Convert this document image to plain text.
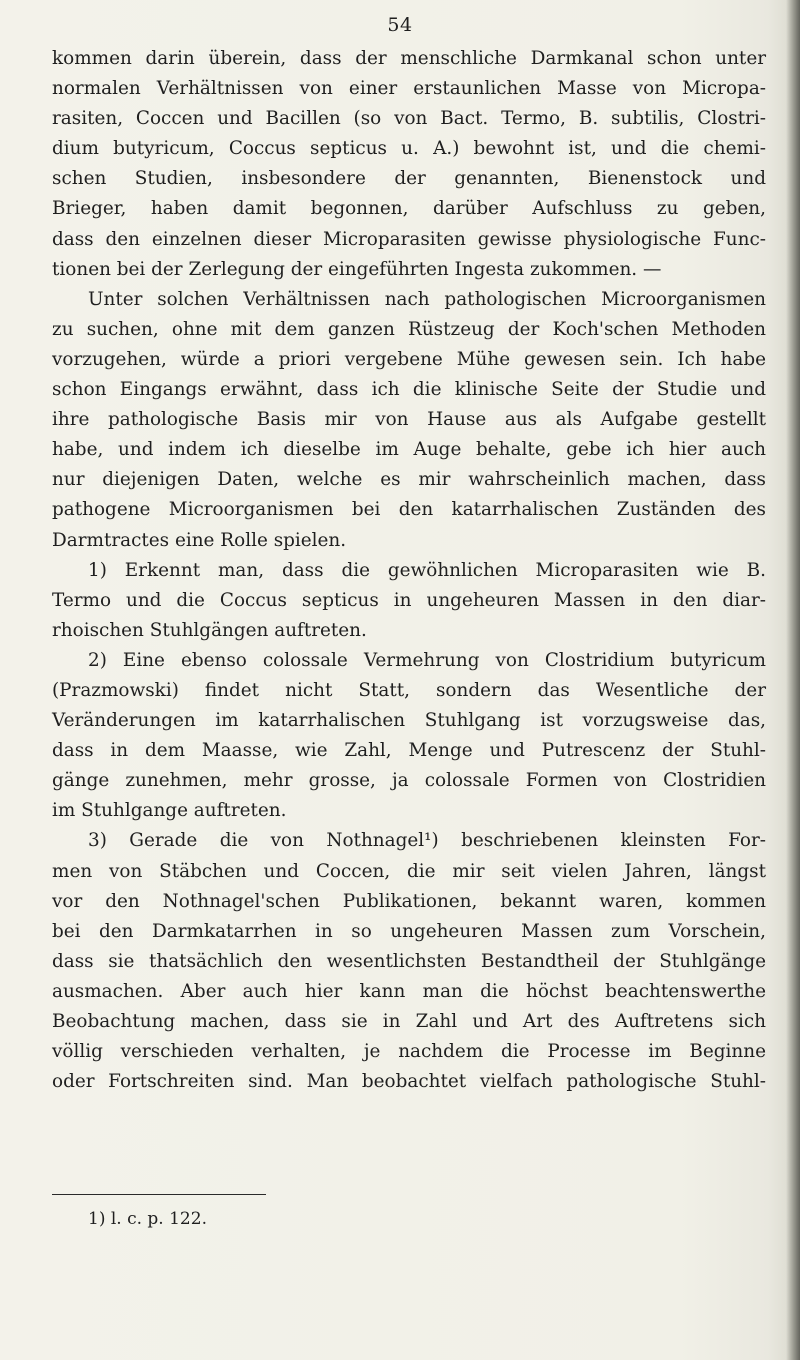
54
kommen darin überein, dass der menschliche Darmkanal schon unter
normalen Verhältnissen von einer erstaunlichen Masse von Micropa-
rasiten, Coccen und Bacillen (so von Bact. Termo, B. subtilis, Clostri-
dium butyricum, Coccus septicus u. A.) bewohnt ist, und die chemi-
schen Studien, insbesondere der genannten, Bienenstock und
Brieger, haben damit begonnen, darüber Aufschluss zu geben,
dass den einzelnen dieser Microparasiten gewisse physiologische Func-
tionen bei der Zerlegung der eingeführten Ingesta zukommen. —
Unter solchen Verhältnissen nach pathologischen Microorganismen
zu suchen, ohne mit dem ganzen Rüstzeug der Koch'schen Methoden
vorzugehen, würde a priori vergebene Mühe gewesen sein. Ich habe
schon Eingangs erwähnt, dass ich die klinische Seite der Studie und
ihre pathologische Basis mir von Hause aus als Aufgabe gestellt
habe, und indem ich dieselbe im Auge behalte, gebe ich hier auch
nur diejenigen Daten, welche es mir wahrscheinlich machen, dass
pathogene Microorganismen bei den katarrhalischen Zuständen des
Darmtractes eine Rolle spielen.
1) Erkennt man, dass die gewöhnlichen Microparasiten wie B.
Termo und die Coccus septicus in ungeheuren Massen in den diar-
rhoischen Stuhlgängen auftreten.
2) Eine ebenso colossale Vermehrung von Clostridium butyricum
(Prazmowski) findet nicht Statt, sondern das Wesentliche der
Veränderungen im katarrhalischen Stuhlgang ist vorzugsweise das,
dass in dem Maasse, wie Zahl, Menge und Putrescenz der Stuhl-
gänge zunehmen, mehr grosse, ja colossale Formen von Clostridien
im Stuhlgange auftreten.
3) Gerade die von Nothnagel¹) beschriebenen kleinsten For-
men von Stäbchen und Coccen, die mir seit vielen Jahren, längst
vor den Nothnagel'schen Publikationen, bekannt waren, kommen
bei den Darmkatarrhen in so ungeheuren Massen zum Vorschein,
dass sie thatsächlich den wesentlichsten Bestandtheil der Stuhlgänge
ausmachen. Aber auch hier kann man die höchst beachtenswerthe
Beobachtung machen, dass sie in Zahl und Art des Auftretens sich
völlig verschieden verhalten, je nachdem die Processe im Beginne
oder Fortschreiten sind. Man beobachtet vielfach pathologische Stuhl-
1) l. c. p. 122.
